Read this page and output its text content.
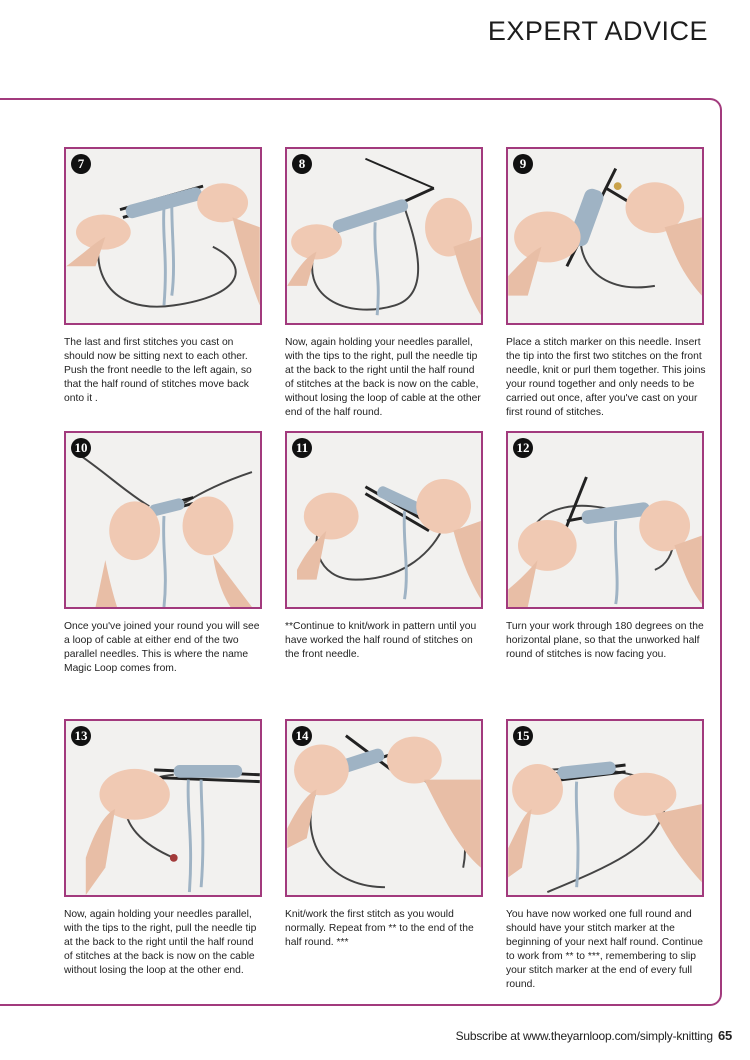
EXPERT ADVICE
7

The last and first stitches you cast on should now be sitting next to each other. Push the front needle to the left again, so that the half round of stitches move back onto it .

8

Now, again holding your needles parallel, with the tips to the right, pull the needle tip at the back to the right until the half round of stitches at the back is now on the cable, without losing the loop of cable at the other end of the half round.

9

Place a stitch marker on this needle. Insert the tip into the first two stitches on the front needle, knit or purl them together. This joins your round together and only needs to be carried out once, after you've cast on your first round of stitches.

10

Once you've joined your round you will see a loop of cable at either end of the two parallel needles. This is where the name Magic Loop comes from.

11

**Continue to knit/work in pattern until you have worked the half round of stitches on the front needle.

12

Turn your work through 180 degrees on the horizontal plane, so that the unworked half round of stitches is now facing you.

13

Now, again holding your needles parallel, with the tips to the right, pull the needle tip at the back to the right until the half round of stitches at the back is now on the cable without losing the loop at the other end.

14

Knit/work the first stitch as you would normally. Repeat from ** to the end of the half round. ***

15

You have now worked one full round and should have your stitch marker at the beginning of your next half round. Continue to work from ** to ***, remembering to slip your stitch marker at the end of every full round.

Subscribe at www.theyarnloop.com/simply-knitting 65
